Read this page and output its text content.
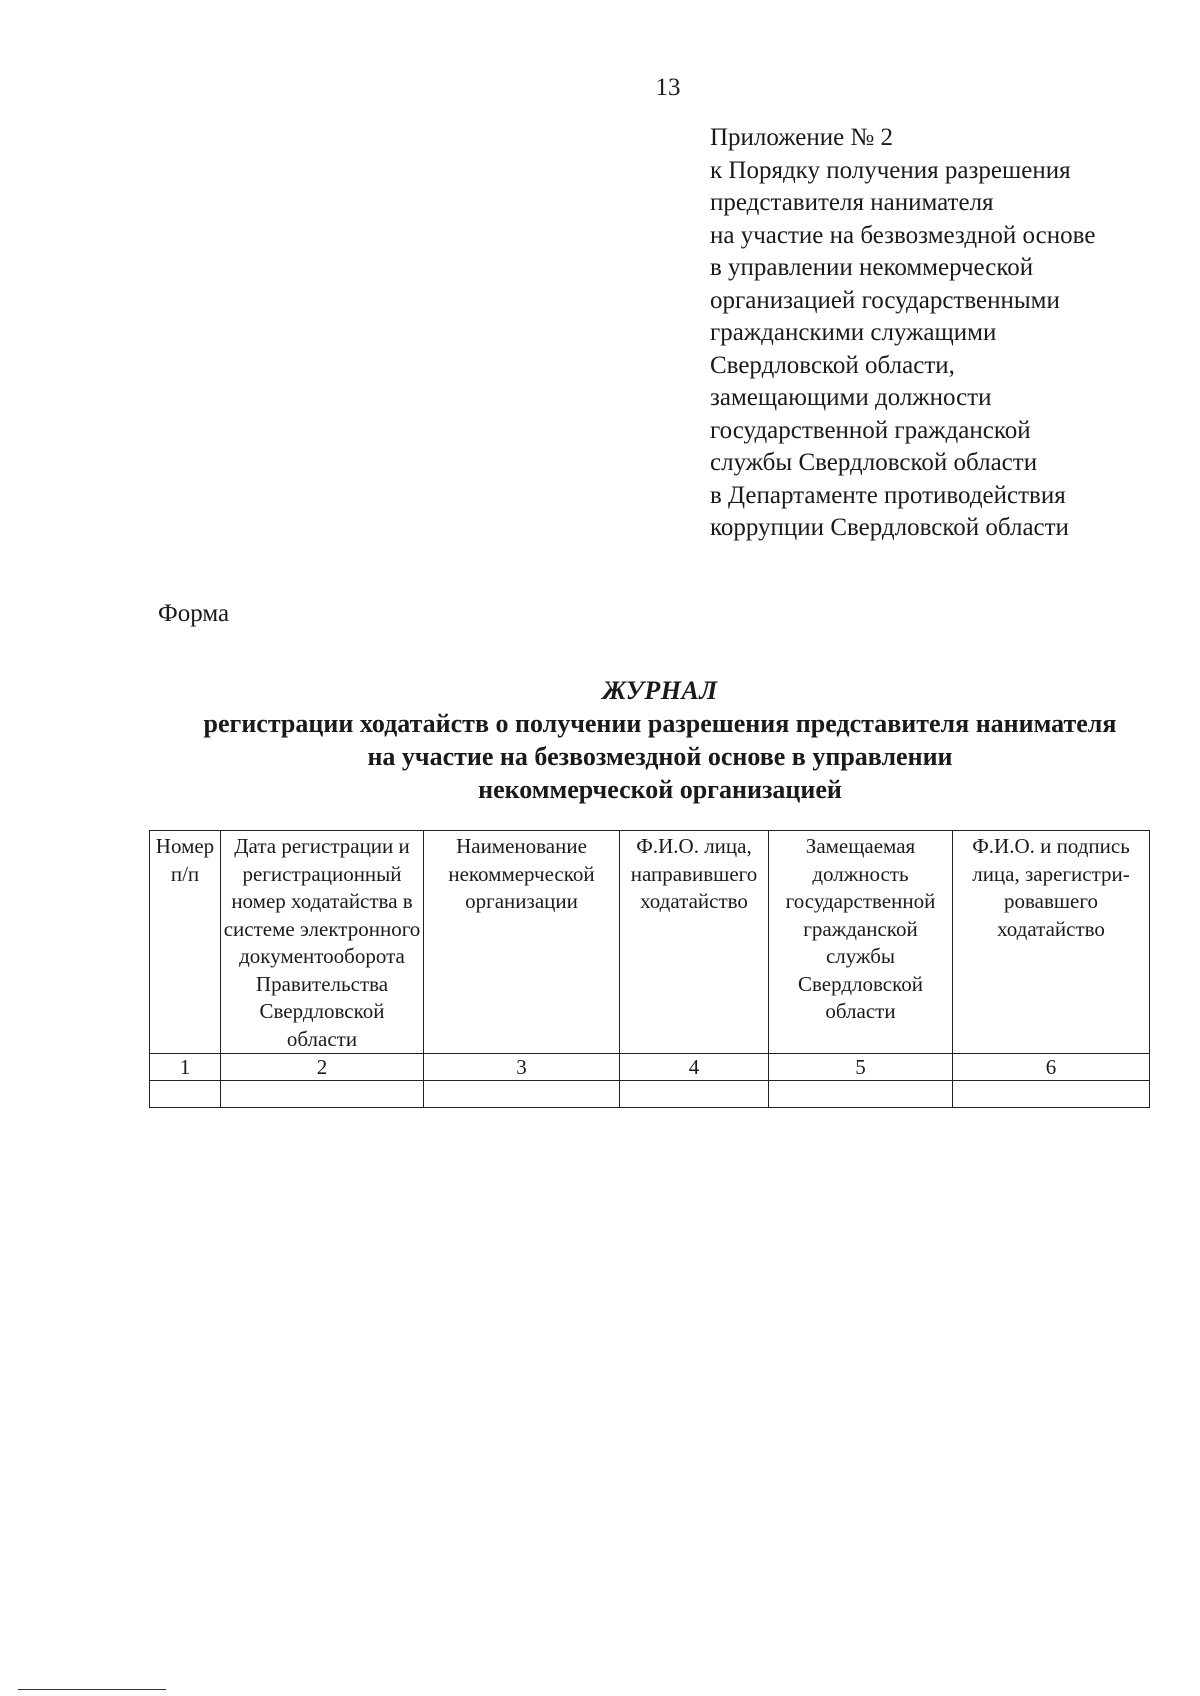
13
Приложение № 2
к Порядку получения разрешения
представителя нанимателя
на участие на безвозмездной основе
в управлении некоммерческой
организацией государственными
гражданскими служащими
Свердловской области,
замещающими должности
государственной гражданской
службы Свердловской области
в Департаменте противодействия
коррупции Свердловской области
Форма
ЖУРНАЛ
регистрации ходатайств о получении разрешения представителя нанимателя
на участие на безвозмездной основе в управлении
некоммерческой организацией
Номер п/п	Дата регистрации и регистрационный номер ходатайства в системе электронного документооборота Правительства Свердловской области	Наименование некоммерческой организации	Ф.И.О. лица, направившего ходатайство	Замещаемая должность государственной гражданской службы Свердловской области	Ф.И.О. и подпись лица, зарегистри-ровавшего ходатайство
1	2	3	4	5	6
